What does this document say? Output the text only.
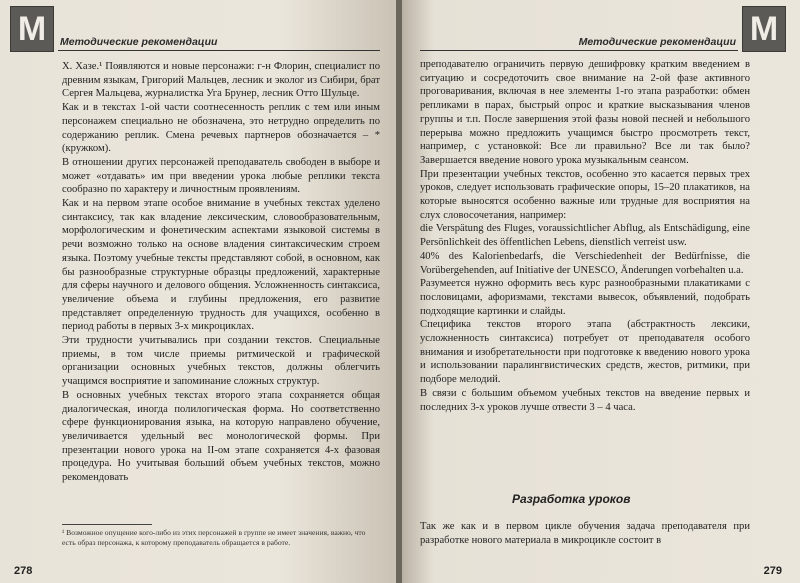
М	Методические рекомендации

Х. Хазе.¹ Появляются и новые персонажи: г-н Флорин, специалист по древним языкам, Григорий Мальцев, лесник и эколог из Сибири, брат Сергея Мальцева, журналистка Уга Брунер, лесник Отто Шульце.

Как и в текстах 1-ой части соотнесенность реплик с тем или иным персонажем специально не обозначена, это нетрудно определить по содержанию реплик. Смена речевых партнеров обозначается – * (кружком).

В отношении других персонажей преподаватель свободен в выборе и может «отдавать» им при введении урока любые реплики текста сообразно по характеру и личностным проявлениям.

Как и на первом этапе особое внимание в учебных текстах уделено синтаксису, так как владение лексическим, словообразовательным, морфологическим и фонетическим аспектами языковой системы в речи возможно только на основе владения синтаксическим строем языка. Поэтому учебные тексты представляют собой, в основном, как бы разнообразные структурные образцы предложений, характерные для сферы научного и делового общения. Усложненность синтаксиса, увеличение объема и глубины предложения, его развитие представляет определенную трудность для учащихся, особенно в период работы в первых 3-х микроциклах.

Эти трудности учитывались при создании текстов. Специальные приемы, в том числе приемы ритмической и графической организации основных учебных текстов, должны облегчить учащимся восприятие и запоминание сложных структур.

В основных учебных текстах второго этапа сохраняется общая диалогическая, иногда полилогическая форма. Но соответственно сфере функционирования языка, на которую направлено обучение, увеличивается удельный вес монологической формы. При презентации нового урока на II-ом этапе сохраняется 4-х фазовая процедура. Но учитывая больший объем учебных текстов, можно рекомендовать

¹ Возможное опущение кого-либо из этих персонажей в группе не имеет значения, важно, что есть образ персонажа, к которому преподаватель обращается в работе.
278
М
Методические рекомендации

преподавателю ограничить первую дешифровку кратким введением в ситуацию и сосредоточить свое внимание на 2-ой фазе активного проговаривания, включая в нее элементы 1-го этапа разработки: обмен репликами в парах, быстрый опрос и краткие высказывания членов группы и т.п. После завершения этой фазы новой песней и небольшого перерыва можно предложить учащимся быстро просмотреть текст, например, с установкой: Все ли правильно? Все ли так было? Завершается введение нового урока музыкальным сеансом.

При презентации учебных текстов, особенно это касается первых трех уроков, следует использовать графические опоры, 15–20 плакатиков, на которые выносятся особенно важные или трудные для восприятия на слух словосочетания, например:

die Verspätung des Fluges, voraussichtlicher Abflug, als Entschädigung, eine Persönlichkeit des öffentlichen Lebens, dienstlich verreist usw.

40% des Kalorienbedarfs, die Verschiedenheit der Bedürfnisse, die Vorübergehenden, auf Initiative der UNESCO, Änderungen vorbehalten u.a.

Разумеется нужно оформить весь курс разнообразными плакатиками с пословицами, афоризмами, текстами вывесок, объявлений, подобрать подходящие картинки и слайды.

Специфика текстов второго этапа (абстрактность лексики, усложненность синтаксиса) потребует от преподавателя особого внимания и изобретательности при подготовке к введению нового урока и использовании паралингвистических средств, жестов, ритмики, при подборе мелодий.

В связи с большим объемом учебных текстов на введение первых и последних 3-х уроков лучше отвести 3 – 4 часа.

Разработка уроков
Так же как и в первом цикле обучения задача преподавателя при разработке нового материала в микроцикле состоит в
279
